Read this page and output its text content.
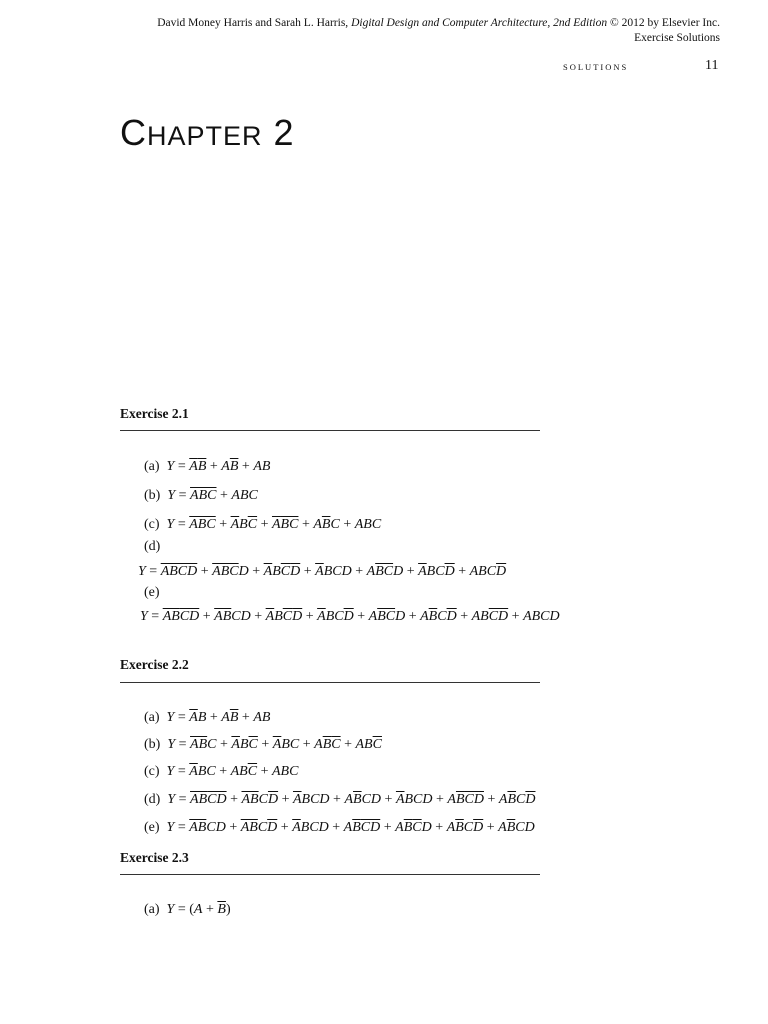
David Money Harris and Sarah L. Harris, Digital Design and Computer Architecture, 2nd Edition © 2012 by Elsevier Inc.
Exercise Solutions
SOLUTIONS	11
CHAPTER 2
Exercise 2.1
(a) $Y = \overline{A}\overline{B} + A\overline{B}$ + AB
(b) $Y = \overline{ABC}$ + ABC
(c) $Y = \overline{ABC} + \overline{A}B\overline{C} + \overline{A}\overline{BC} + A\overline{B}C$ + ABC
(d)
Y = ABCD + $\overline{ABC}D + \overline{A}B\overline{C}\overline{D} + \overline{A}BCD + A\overline{BC}D + \overline{A}BC\overline{D} + ABC\overline{D}$
(e)
$Y = \overline{AB}\overline{CD} + \overline{AB}CD + \overline{A}B\overline{C}\overline{D} + \overline{A}BC\overline{D} + A\overline{BC}D + A\overline{B}C\overline{D} + AB\overline{CD}$ + ABCD
Exercise 2.2
(a) $Y = \overline{A}B + A\overline{B}$ + AB
(b) $Y = \overline{AB}C + \overline{A}B\overline{C} + \overline{A}BC + A\overline{B}\overline{C} + AB\overline{C}$
(c) $Y = \overline{A}BC + AB\overline{C}$ + ABC
(d) $Y = \overline{AB}\overline{CD} + \overline{AB}C\overline{D} + \overline{A}BCD + A\overline{B}CD + \overline{A}BCD + A\overline{B}\overline{CD} + A\overline{B}C\overline{D}$
(e) $Y = \overline{AB}CD + \overline{AB}C\overline{D} + \overline{A}BCD + A\overline{B}\overline{CD} + A\overline{B}\overline{C}D + A\overline{B}C\overline{D} + A\overline{B}CD$
Exercise 2.3
(a) $Y = (A + \overline{B})$
